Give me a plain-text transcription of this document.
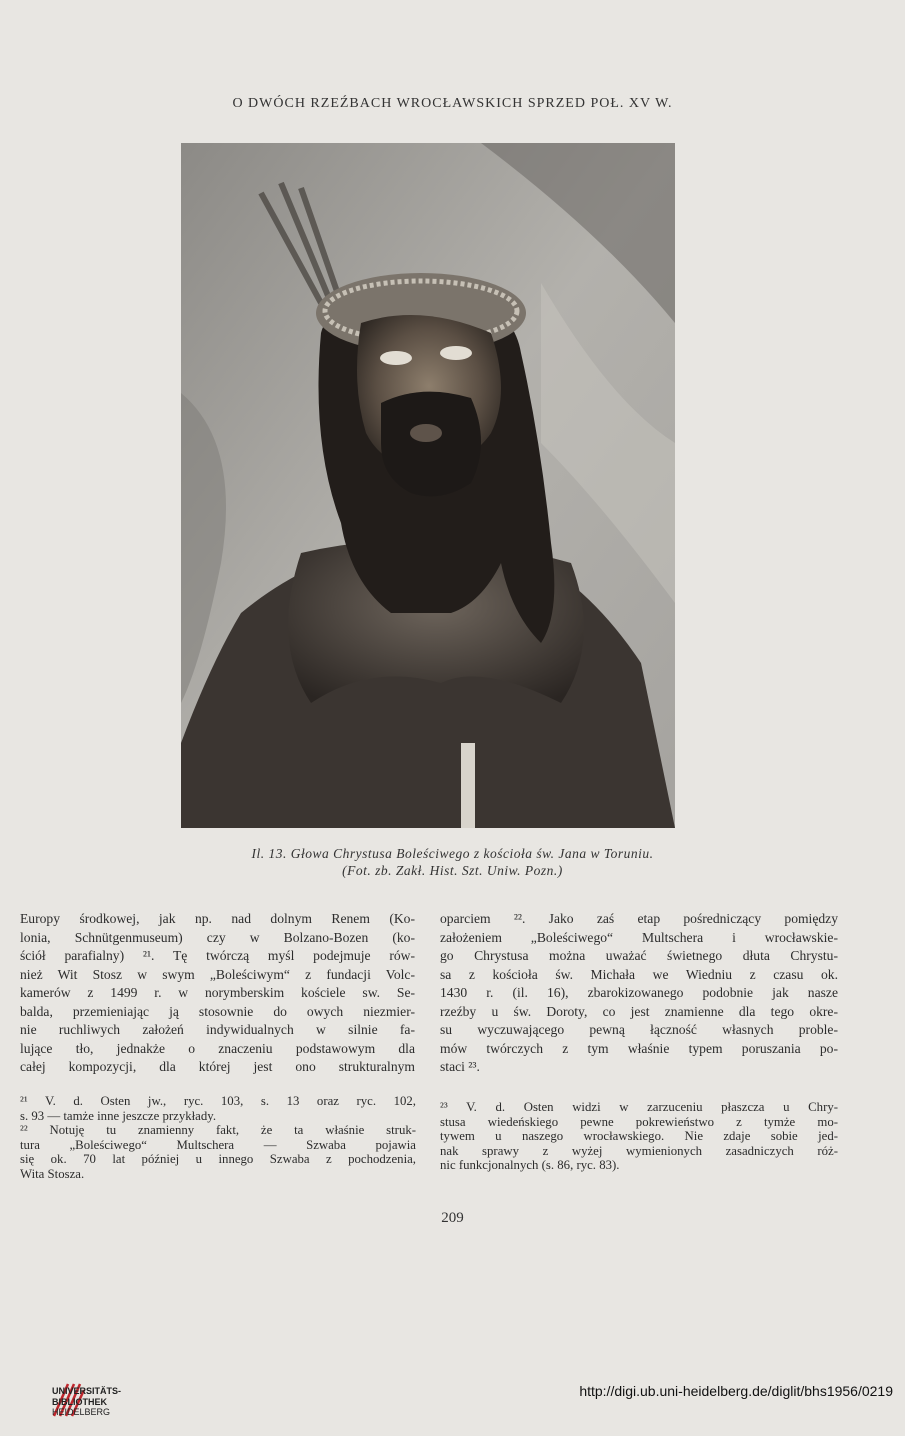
O DWÓCH RZEŹBACH WROCŁAWSKICH SPRZED POŁ. XV W.
Il. 13. Głowa Chrystusa Boleściwego z kościoła św. Jana w Toruniu.
(Fot. zb. Zakł. Hist. Szt. Uniw. Pozn.)
Europy środkowej, jak np. nad dolnym Renem (Ko-
lonia, Schnütgenmuseum) czy w Bolzano-Bozen (ko-
ściół parafialny) ²¹. Tę twórczą myśl podejmuje rów-
nież Wit Stosz w swym „Boleściwym“ z fundacji Volc-
kamerów z 1499 r. w norymberskim kościele sw. Se-
balda, przemieniając ją stosownie do owych niezmier-
nie ruchliwych założeń indywidualnych w silnie fa-
lujące tło, jednakże o znaczeniu podstawowym dla
całej kompozycji, dla której jest ono strukturalnym
oparciem ²². Jako zaś etap pośredniczący pomiędzy
założeniem „Boleściwego“ Multschera i wrocławskie-
go Chrystusa można uważać świetnego dłuta Chrystu-
sa z kościoła św. Michała we Wiedniu z czasu ok.
1430 r. (il. 16), zbarokizowanego podobnie jak nasze
rzeźby u św. Doroty, co jest znamienne dla tego okre-
su wyczuwającego pewną łączność własnych proble-
mów twórczych z tym właśnie typem poruszania po-
staci ²³.
²¹ V. d. Osten jw., ryc. 103, s. 13 oraz ryc. 102,
s. 93 — tamże inne jeszcze przykłady.
²² Notuję tu znamienny fakt, że ta właśnie struk-
tura „Boleściwego“ Multschera — Szwaba pojawia
się ok. 70 lat później u innego Szwaba z pochodzenia,
Wita Stosza.
²³ V. d. Osten widzi w zarzuceniu płaszcza u Chry-
stusa wiedeńskiego pewne pokrewieństwo z tymże mo-
tywem u naszego wrocławskiego. Nie zdaje sobie jed-
nak sprawy z wyżej wymienionych zasadniczych róż-
nic funkcjonalnych (s. 86, ryc. 83).
209
UNIVERSITÄTS-
BIBLIOTHEK
HEIDELBERG
http://digi.ub.uni-heidelberg.de/diglit/bhs1956/0219
